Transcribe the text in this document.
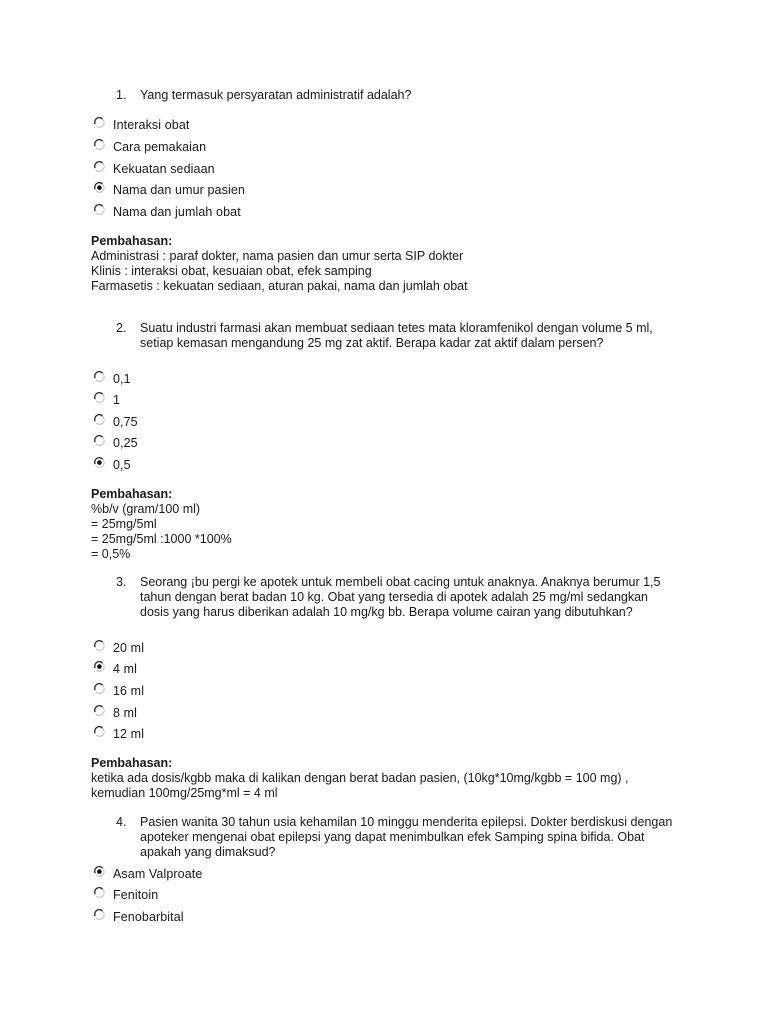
1. Yang termasuk persyaratan administratif adalah?
Interaksi obat
Cara pemakaian
Kekuatan sediaan
Nama dan umur pasien
Nama dan jumlah obat
Pembahasan:
Administrasi : paraf dokter, nama pasien dan umur serta SIP dokter
Klinis : interaksi obat, kesuaian obat, efek samping
Farmasetis : kekuatan sediaan, aturan pakai, nama dan jumlah obat
2. Suatu industri farmasi akan membuat sediaan tetes mata kloramfenikol dengan volume 5 ml, setiap kemasan mengandung 25 mg zat aktif. Berapa kadar zat aktif dalam persen?
0,1
1
0,75
0,25
0,5
Pembahasan:
%b/v (gram/100 ml)
= 25mg/5ml
= 25mg/5ml :1000 *100%
= 0,5%
3. Seorang ¡bu pergi ke apotek untuk membeli obat cacing untuk anaknya. Anaknya berumur 1,5 tahun dengan berat badan 10 kg. Obat yang tersedia di apotek adalah 25 mg/ml sedangkan dosis yang harus diberikan adalah 10 mg/kg bb. Berapa volume cairan yang dibutuhkan?
20 ml
4 ml
16 ml
8 ml
12 ml
Pembahasan:
ketika ada dosis/kgbb maka di kalikan dengan berat badan pasien, (10kg*10mg/kgbb = 100 mg) , kemudian 100mg/25mg*ml = 4 ml
4. Pasien wanita 30 tahun usia kehamilan 10 minggu menderita epilepsi. Dokter berdiskusi dengan apoteker mengenai obat epilepsi yang dapat menimbulkan efek Samping spina bifida. Obat apakah yang dimaksud?
Asam Valproate
Fenitoin
Fenobarbital
